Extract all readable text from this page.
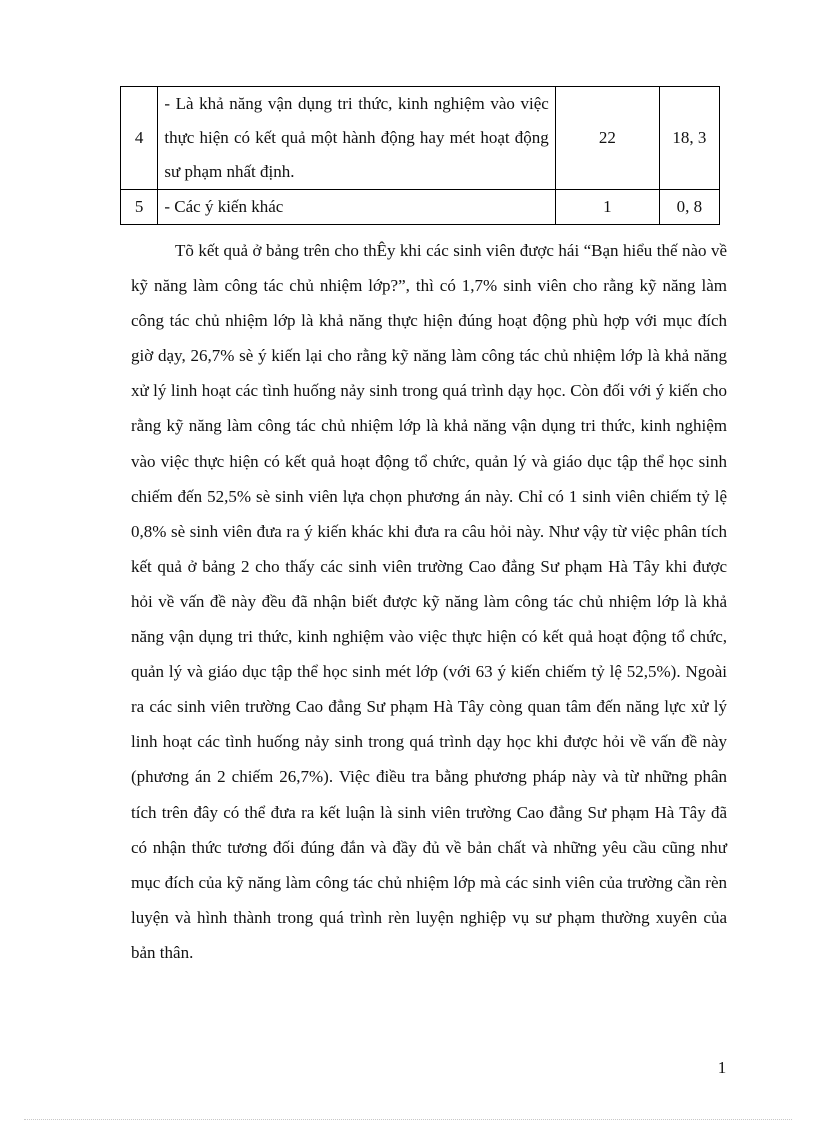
4	- Là khả năng vận dụng tri thức, kinh nghiệm vào việc thực hiện có kết quả một hành động hay mét hoạt động sư phạm nhất định.	22	18, 3
5	- Các ý kiến khác	1	0, 8

Tõ kết quả ở bảng trên cho thÊy khi các sinh viên được hái “Bạn hiểu thế nào về kỹ năng làm công tác chủ nhiệm lớp?”, thì có 1,7% sinh viên cho rằng kỹ năng làm công tác chủ nhiệm lớp là khả năng thực hiện đúng hoạt động phù hợp với mục đích giờ dạy, 26,7% sè ý kiến lại cho rằng kỹ năng làm công tác chủ nhiệm lớp là khả năng xử lý linh hoạt các tình huống nảy sinh trong quá trình dạy học. Còn đối với ý kiến cho rằng kỹ năng làm công tác chủ nhiệm lớp là khả năng vận dụng tri thức, kinh nghiệm vào việc thực hiện có kết quả hoạt động tổ chức, quản lý và giáo dục tập thể học sinh chiếm đến 52,5% sè sinh viên lựa chọn phương án này. Chỉ có 1 sinh viên chiếm tỷ lệ 0,8% sè sinh viên đưa ra ý kiến khác khi đưa ra câu hỏi này. Như vậy từ việc phân tích kết quả ở bảng 2 cho thấy các sinh viên trường Cao đẳng Sư phạm Hà Tây khi được hỏi về vấn đề này đều đã nhận biết được kỹ năng làm công tác chủ nhiệm lớp là khả năng vận dụng tri thức, kinh nghiệm vào việc thực hiện có kết quả hoạt động tổ chức, quản lý và giáo dục tập thể học sinh mét lớp (với 63 ý kiến chiếm tỷ lệ 52,5%). Ngoài ra các sinh viên trường Cao đẳng Sư phạm Hà Tây còng quan tâm đến năng lực xử lý linh hoạt các tình huống nảy sinh trong quá trình dạy học khi được hỏi về vấn đề này (phương án 2 chiếm 26,7%). Việc điều tra bằng phương pháp này và từ những phân tích trên đây có thể đưa ra kết luận là sinh viên trường Cao đẳng Sư phạm Hà Tây đã có nhận thức tương đối đúng đắn và đầy đủ về bản chất và những yêu cầu cũng như mục đích của kỹ năng làm công tác chủ nhiệm lớp mà các sinh viên của trường cần rèn luyện và hình thành trong quá trình rèn luyện nghiệp vụ sư phạm thường xuyên của bản thân.

1
